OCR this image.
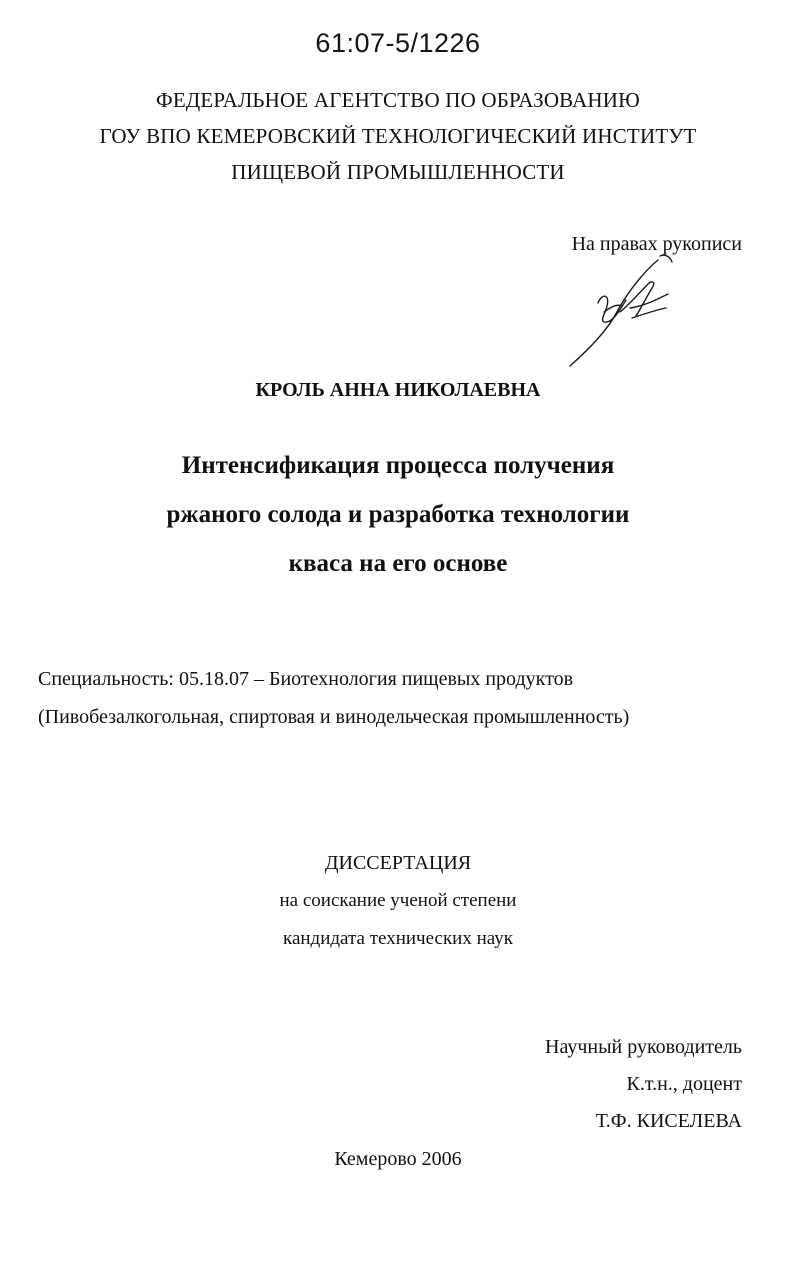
61:07-5/1226
ФЕДЕРАЛЬНОЕ АГЕНТСТВО ПО ОБРАЗОВАНИЮ
ГОУ ВПО КЕМЕРОВСКИЙ ТЕХНОЛОГИЧЕСКИЙ ИНСТИТУТ
ПИЩЕВОЙ ПРОМЫШЛЕННОСТИ
На правах рукописи
КРОЛЬ АННА НИКОЛАЕВНА
Интенсификация процесса получения
ржаного солода и разработка технологии
кваса на его основе
Специальность: 05.18.07 – Биотехнология пищевых продуктов
(Пивобезалкогольная, спиртовая и винодельческая промышленность)
ДИССЕРТАЦИЯ
на соискание ученой степени
кандидата технических наук
Научный руководитель
К.т.н., доцент
Т.Ф. КИСЕЛЕВА
Кемерово 2006
